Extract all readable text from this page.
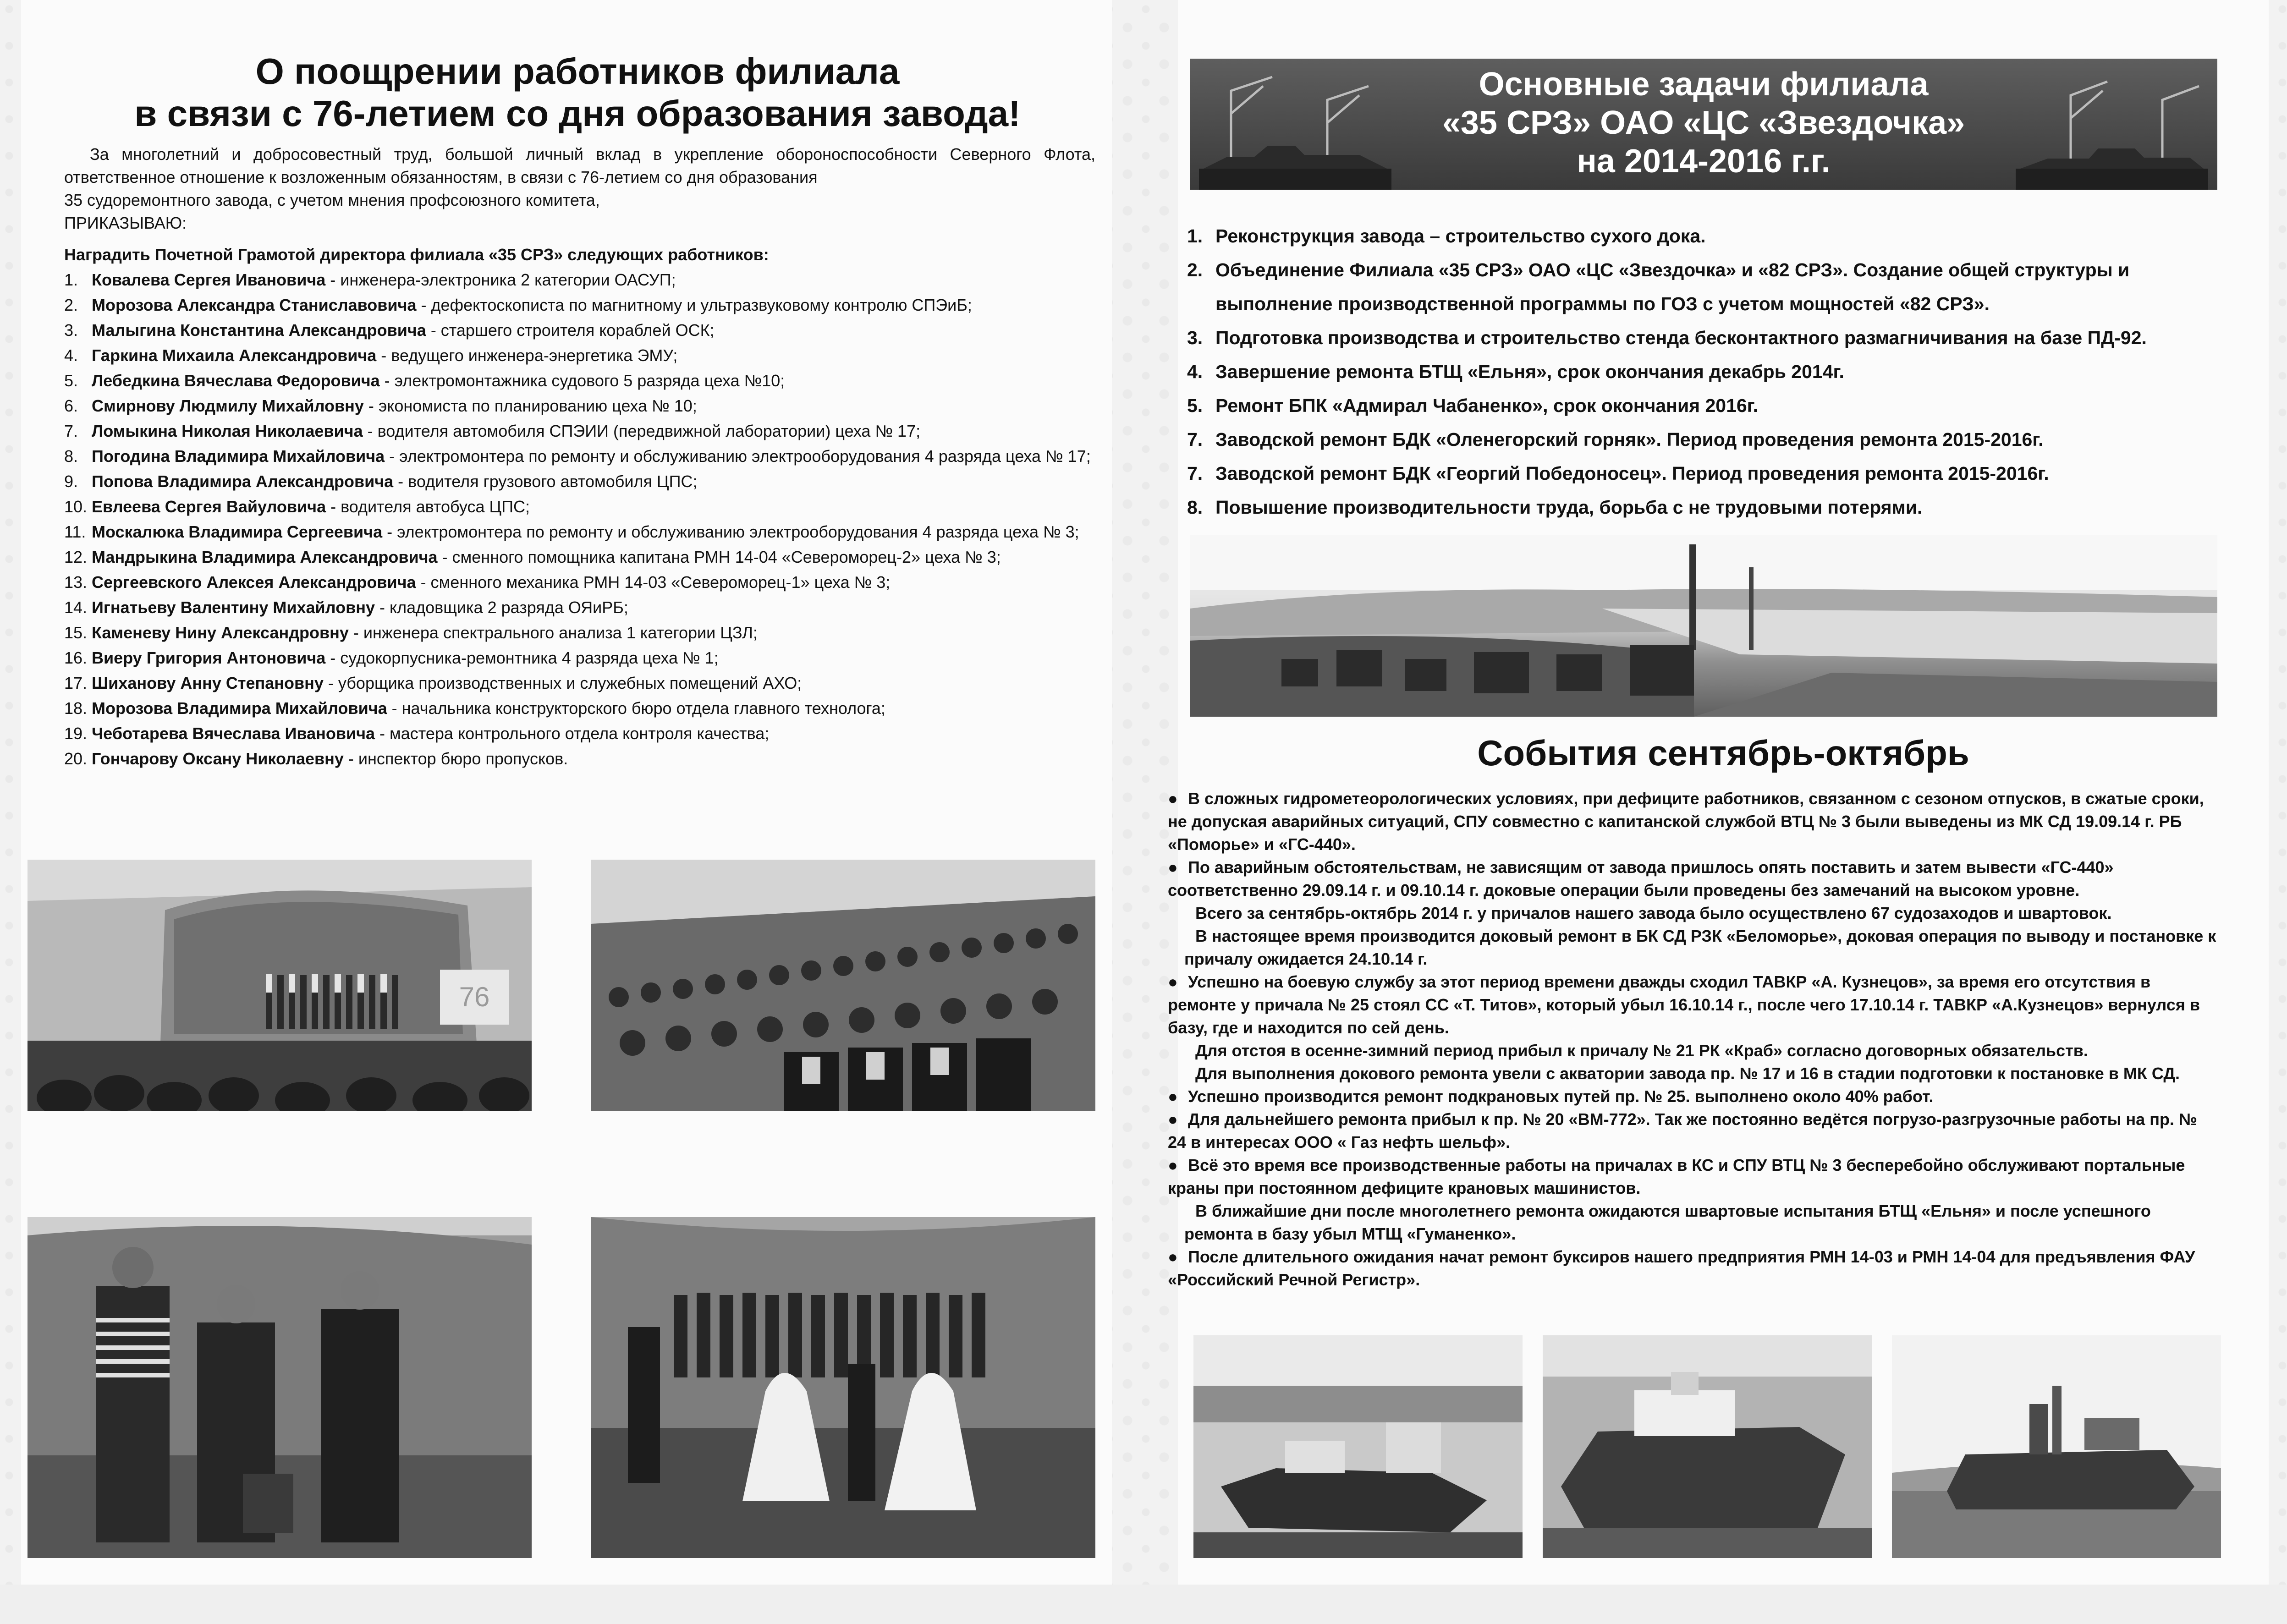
О поощрении работников филиала
в связи с 76-летием со дня образования завода!

За многолетний и добросовестный труд, большой личный вклад в укрепление обороноспособности Северного Флота, ответственное отношение к возложенным обязанностям, в связи с 76-летием со дня образования

35 судоремонтного завода, с учетом мнения профсоюзного комитета,

ПРИКАЗЫВАЮ:

Наградить Почетной Грамотой директора филиала «35 СРЗ» следующих работников:
1. Ковалева Сергея Ивановича - инженера-электроника 2 категории ОАСУП;
2. Морозова Александра Станиславовича - дефектоскописта по магнитному и ультразвуковому контролю СПЭиБ;
3. Малыгина Константина Александровича - старшего строителя кораблей ОСК;
4. Гаркина Михаила Александровича - ведущего инженера-энергетика ЭМУ;
5. Лебедкина Вячеслава Федоровича - электромонтажника судового 5 разряда цеха №10;
6. Смирнову Людмилу Михайловну - экономиста по планированию цеха № 10;
7. Ломыкина Николая Николаевича - водителя автомобиля СПЭИИ (передвижной лаборатории) цеха № 17;
8. Погодина Владимира Михайловича - электромонтера по ремонту и обслуживанию электрооборудования 4 разряда цеха № 17;
9. Попова Владимира Александровича - водителя грузового автомобиля ЦПС;
10. Евлеева Сергея Вайуловича - водителя автобуса ЦПС;
11. Москалюка Владимира Сергеевича - электромонтера по ремонту и обслуживанию электрооборудования 4 разряда цеха № 3;
12. Мандрыкина Владимира Александровича - сменного помощника капитана РМН 14-04 «Североморец-2» цеха № 3;
13. Сергеевского Алексея Александровича - сменного механика РМН 14-03 «Североморец-1» цеха № 3;
14. Игнатьеву Валентину Михайловну - кладовщика 2 разряда ОЯиРБ;
15. Каменеву Нину Александровну - инженера спектрального анализа 1 категории ЦЗЛ;
16. Виеру Григория Антоновича - судокорпусника-ремонтника 4 разряда цеха № 1;
17. Шиханову Анну Степановну - уборщика производственных и служебных помещений АХО;
18. Морозова Владимира Михайловича - начальника конструкторского бюро отдела главного технолога;
19. Чеботарева Вячеслава Ивановича - мастера контрольного отдела контроля качества;
20. Гончарову Оксану Николаевну - инспектор бюро пропусков.
76
Основные задачи филиала
«35 СРЗ» ОАО «ЦС «Звездочка»
на 2014-2016 г.г.
1. Реконструкция завода – строительство сухого дока.
2. Объединение Филиала «35 СРЗ» ОАО «ЦС «Звездочка» и «82 СРЗ». Создание общей структуры и выполнение производственной программы по ГОЗ с учетом мощностей «82 СРЗ».
3. Подготовка производства и строительство стенда бесконтактного размагничивания на базе ПД-92.
4. Завершение ремонта БТЩ «Ельня», срок окончания декабрь 2014г.
5. Ремонт БПК «Адмирал Чабаненко», срок окончания 2016г.
7. Заводской ремонт БДК «Оленегорский горняк». Период проведения ремонта 2015-2016г.
7. Заводской ремонт БДК «Георгий Победоносец». Период проведения ремонта 2015-2016г.
8. Повышение производительности труда, борьба с не трудовыми потерями.
События сентябрь-октябрь

● В сложных гидрометеорологических условиях, при дефиците работников, связанном с сезоном отпусков, в сжатые сроки, не допуская аварийных ситуаций, СПУ совместно с капитанской службой ВТЦ № 3 были выведены из МК СД 19.09.14 г. РБ «Поморье» и «ГС-440».

● По аварийным обстоятельствам, не зависящим от завода пришлось опять поставить и затем вывести «ГС-440» соответственно 29.09.14 г. и 09.10.14 г. доковые операции были проведены без замечаний на высоком уровне.

Всего за сентябрь-октябрь 2014 г. у причалов нашего завода было осуществлено 67 судозаходов и швартовок.

В настоящее время производится доковый ремонт в БК СД РЗК «Беломорье», доковая операция по выводу и постановке к причалу ожидается 24.10.14 г.

● Успешно на боевую службу за этот период времени дважды сходил ТАВКР «А. Кузнецов», за время его отсутствия в ремонте у причала № 25 стоял СС «Т. Титов», который убыл 16.10.14 г., после чего 17.10.14 г. ТАВКР «А.Кузнецов» вернулся в базу, где и находится по сей день.

Для отстоя в осенне-зимний период прибыл к причалу № 21 РК «Краб» согласно договорных обязательств.

Для выполнения докового ремонта увели с акватории завода пр. № 17 и 16 в стадии подготовки к постановке в МК СД.

● Успешно производится ремонт подкрановых путей пр. № 25. выполнено около 40% работ.

● Для дальнейшего ремонта прибыл к пр. № 20 «ВМ-772». Так же постоянно ведётся погрузо-разгрузочные работы на пр. № 24 в интересах ООО « Газ нефть шельф».

● Всё это время все производственные работы на причалах в КС и СПУ ВТЦ № 3 бесперебойно обслуживают портальные краны при постоянном дефиците крановых машинистов.

В ближайшие дни после многолетнего ремонта ожидаются швартовые испытания БТЩ «Ельня» и после успешного ремонта в базу убыл МТЩ «Гуманенко».

● После длительного ожидания начат ремонт буксиров нашего предприятия РМН 14-03 и РМН 14-04 для предъявления ФАУ «Российский Речной Регистр».
